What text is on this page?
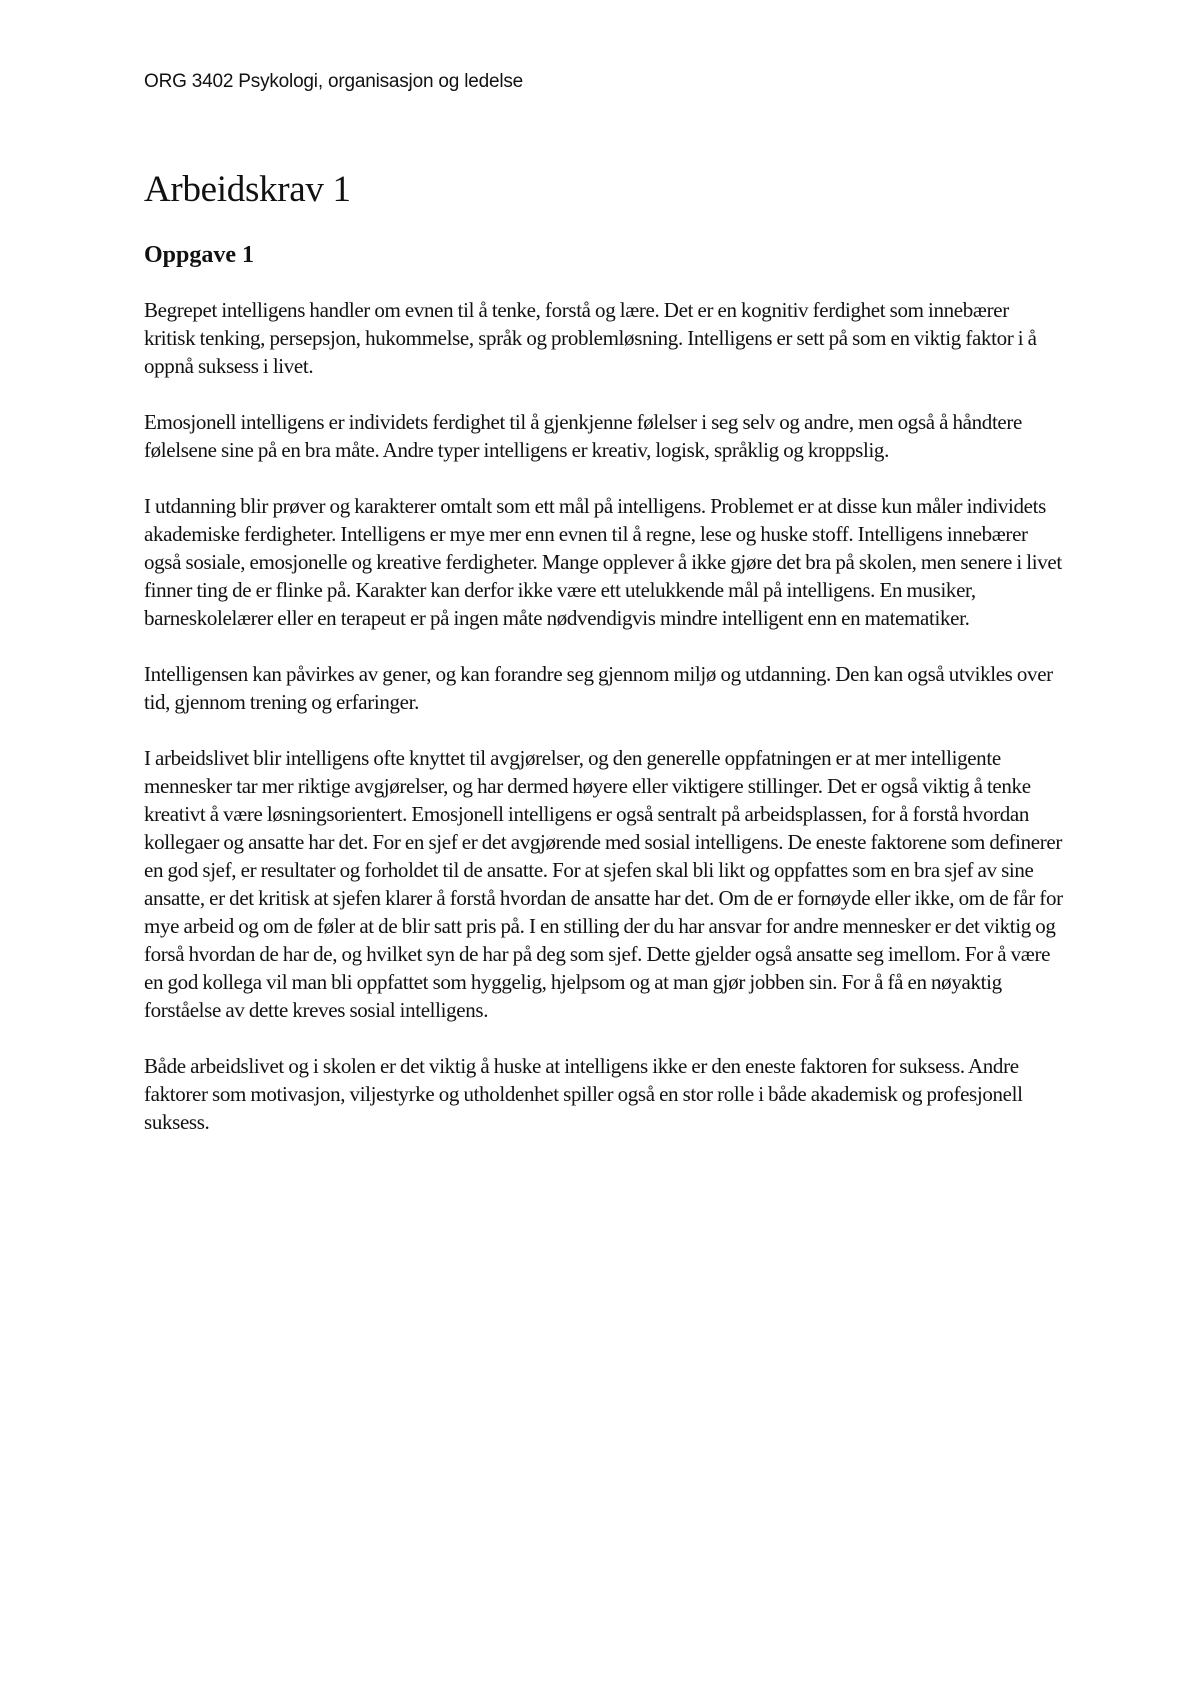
ORG 3402 Psykologi, organisasjon og ledelse

Arbeidskrav 1
Oppgave 1

Begrepet intelligens handler om evnen til å tenke, forstå og lære. Det er en kognitiv ferdighet som innebærer kritisk tenking, persepsjon, hukommelse, språk og problemløsning. Intelligens er sett på som en viktig faktor i å oppnå suksess i livet.

Emosjonell intelligens er individets ferdighet til å gjenkjenne følelser i seg selv og andre, men også å håndtere følelsene sine på en bra måte. Andre typer intelligens er kreativ, logisk, språklig og kroppslig.

I utdanning blir prøver og karakterer omtalt som ett mål på intelligens. Problemet er at disse kun måler individets akademiske ferdigheter. Intelligens er mye mer enn evnen til å regne, lese og huske stoff. Intelligens innebærer også sosiale, emosjonelle og kreative ferdigheter. Mange opplever å ikke gjøre det bra på skolen, men senere i livet finner ting de er flinke på. Karakter kan derfor ikke være ett utelukkende mål på intelligens. En musiker, barneskolelærer eller en terapeut er på ingen måte nødvendigvis mindre intelligent enn en matematiker.

Intelligensen kan påvirkes av gener, og kan forandre seg gjennom miljø og utdanning. Den kan også utvikles over tid, gjennom trening og erfaringer.

I arbeidslivet blir intelligens ofte knyttet til avgjørelser, og den generelle oppfatningen er at mer intelligente mennesker tar mer riktige avgjørelser, og har dermed høyere eller viktigere stillinger. Det er også viktig å tenke kreativt å være løsningsorientert. Emosjonell intelligens er også sentralt på arbeidsplassen, for å forstå hvordan kollegaer og ansatte har det. For en sjef er det avgjørende med sosial intelligens. De eneste faktorene som definerer en god sjef, er resultater og forholdet til de ansatte. For at sjefen skal bli likt og oppfattes som en bra sjef av sine ansatte, er det kritisk at sjefen klarer å forstå hvordan de ansatte har det. Om de er fornøyde eller ikke, om de får for mye arbeid og om de føler at de blir satt pris på. I en stilling der du har ansvar for andre mennesker er det viktig og forså hvordan de har de, og hvilket syn de har på deg som sjef. Dette gjelder også ansatte seg imellom. For å være en god kollega vil man bli oppfattet som hyggelig, hjelpsom og at man gjør jobben sin. For å få en nøyaktig forståelse av dette kreves sosial intelligens.

Både arbeidslivet og i skolen er det viktig å huske at intelligens ikke er den eneste faktoren for suksess. Andre faktorer som motivasjon, viljestyrke og utholdenhet spiller også en stor rolle i både akademisk og profesjonell suksess.
